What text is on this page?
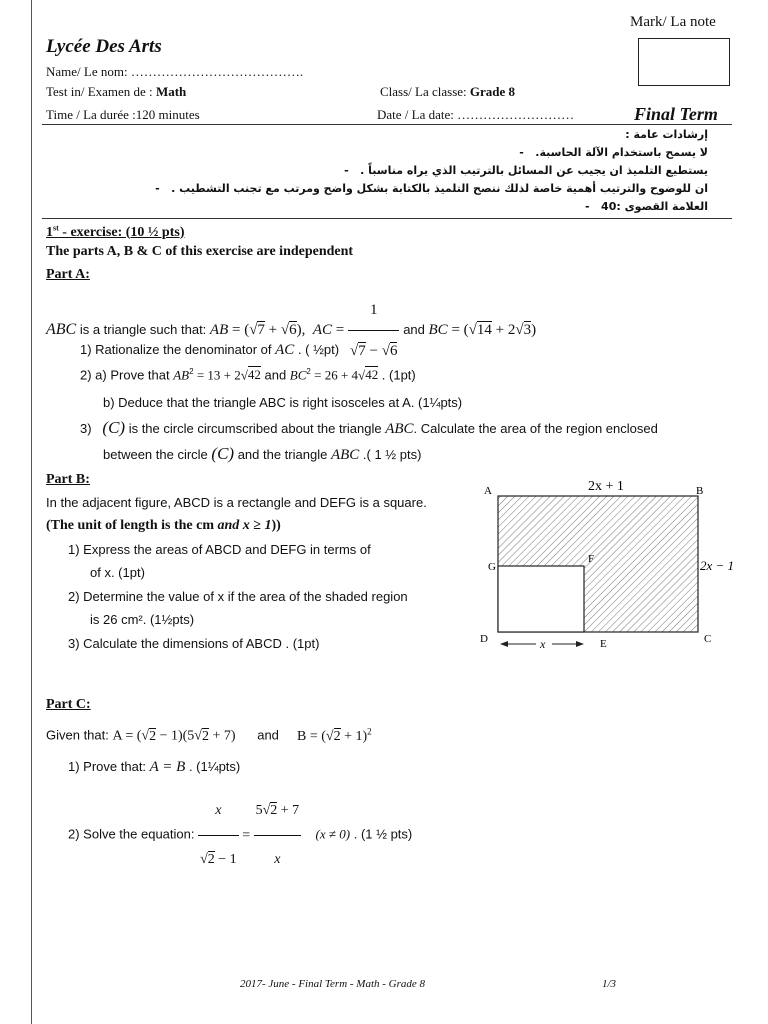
Mark/ La note
Lycée Des Arts
Name/ Le nom: ………………………………….
Test in/ Examen de : Math	Class/ La classe: Grade 8
Time / La durée :120 minutes	Date / La date: ………………………	Final Term
إرشادات عامة :
لا يسمح باستخدام الآلة الحاسبة.   -
يستطيع التلميذ ان يجيب عن المسائل بالترتيب الذي يراه مناسباً .   -
ان للوضوح والترتيب أهمية خاصة لذلك ننصح التلميذ بالكتابة بشكل واضح ومرتب مع تجنب التشطيب .   -
العلامة القصوى :40   -
1st - exercise: (10 ½ pts)
The parts A, B & C of this exercise are independent
Part A:
ABC is a triangle such that: AB = (√7 + √6),  AC = $\frac{1}{√7 - √6}$ and BC = (√14 + 2√3)
1) Rationalize the denominator of AC . ( ½pt)
2) a) Prove that $AB^2 = 13 + 2√42$ and $BC^2 = 26 + 4√42$ . (1pt)
b) Deduce that the triangle ABC is right isosceles at A. (1¼pts)
3) (C) is the circle circumscribed about the triangle ABC. Calculate the area of the region enclosed
between the circle (C) and the triangle ABC .( 1 ½ pts)
Part B:
In the adjacent figure, ABCD is a rectangle and DEFG is a square.
(The unit of length is the cm and x ≥ 1))
1) Express the areas of ABCD and DEFG in terms of
of x. (1pt)
2) Determine the value of x if the area of the shaded region
is 26 cm². (1½pts)
3) Calculate the dimensions of ABCD . (1pt)
A	B
C
D	E
F
G
2x + 1
2x − 1
x
Part C:
Given that: A = (√2 − 1)(5√2 + 7) and $B = (√2 + 1)^2$
1) Prove that: A = B . (1¼pts)
2) Solve the equation: $\frac{x}{√2 - 1} = \frac{5√2 + 7}{x} (x \ne 0)$ . (1 ½ pts)
2017- June - Final Term - Math - Grade 8	1/3
